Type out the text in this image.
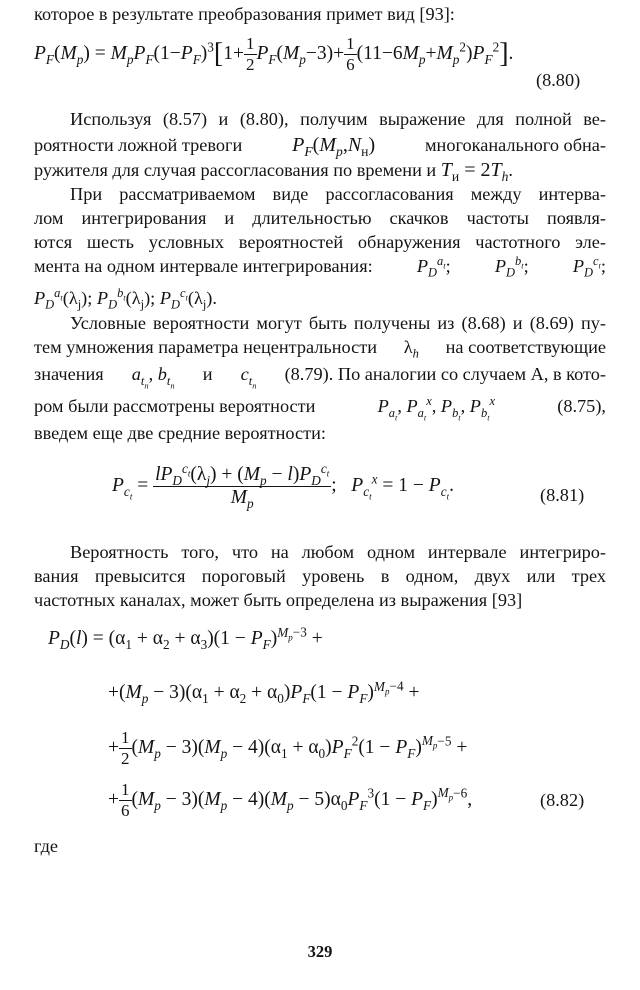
которое в результате преобразования примет вид [93]:
$P_F(M_p) = M_pP_F(1-P_F)^3[1+ \frac{1}{2} P_F(M_p-3)+ \frac{1}{6} (11-6M_p+M_p^2)P_F^2]$.
(8.80)
Используя (8.57) и (8.80), получим выражение для полной ве-
роятности ложной тревоги $P_F(M_p,N_н)$	многоканального обна-
ружителя для случая рассогласования по времени и $T_и = 2T_h$.
При рассматриваемом виде рассогласования между интерва-
лом интегрирования и длительностью скачков частоты появля-
ются шесть условных вероятностей обнаружения частотного эле-
мента на одном интервале интегрирования: $P_D^{a_t}$; $P_D^{b_t}$; $P_D^{c_t}$;
$P_D^{a_t}(\lambda_j)$; $P_D^{b_t}(\lambda_j)$; $P_D^{c_t}(\lambda_j)$.
Условные вероятности могут быть получены из (8.68) и (8.69) пу-
тем умножения параметра нецентральности $\lambda_h$ на соответствующие
значения $a_{t_n}$, $b_{t_n}$
и $c_{t_n}$
(8.79). По аналогии со случаем А, в кото-
ром были рассмотрены вероятности	$P_{a_t}$, $P_{a_t}^x$, $P_{b_t}$, $P_{b_t}^x$	(8.75),
введем еще две средние вероятности:
$P_{c_t} = \frac{lP_D^{c_t}(\lambda_j) + (M_p - l)P_D^{c_t}}{M_p}$ ;   $P_{c_t}^x = 1 - P_{c_t}$.	(8.81)
Вероятность того, что на любом одном интервале интегриро-
вания превысится пороговый уровень в одном, двух или трех
частотных каналах, может быть определена из выражения [93]
$P_D(l) = (\alpha_1 + \alpha_2 + \alpha_3)(1 - P_F)^{M_p-3}$ +
$+(M_p - 3)(\alpha_1 + \alpha_2 + \alpha_0)P_F(1 - P_F)^{M_p-4}$ +
+ $\frac{1}{2} (M_p - 3)(M_p - 4)(\alpha_1 + \alpha_0)P_F^2(1 - P_F)^{M_p-5}$ +
+ $\frac{1}{6} (M_p - 3)(M_p - 4)(M_p - 5)\alpha_0P_F^3(1 - P_F)^{M_p-6}$,	(8.82)
где
329
